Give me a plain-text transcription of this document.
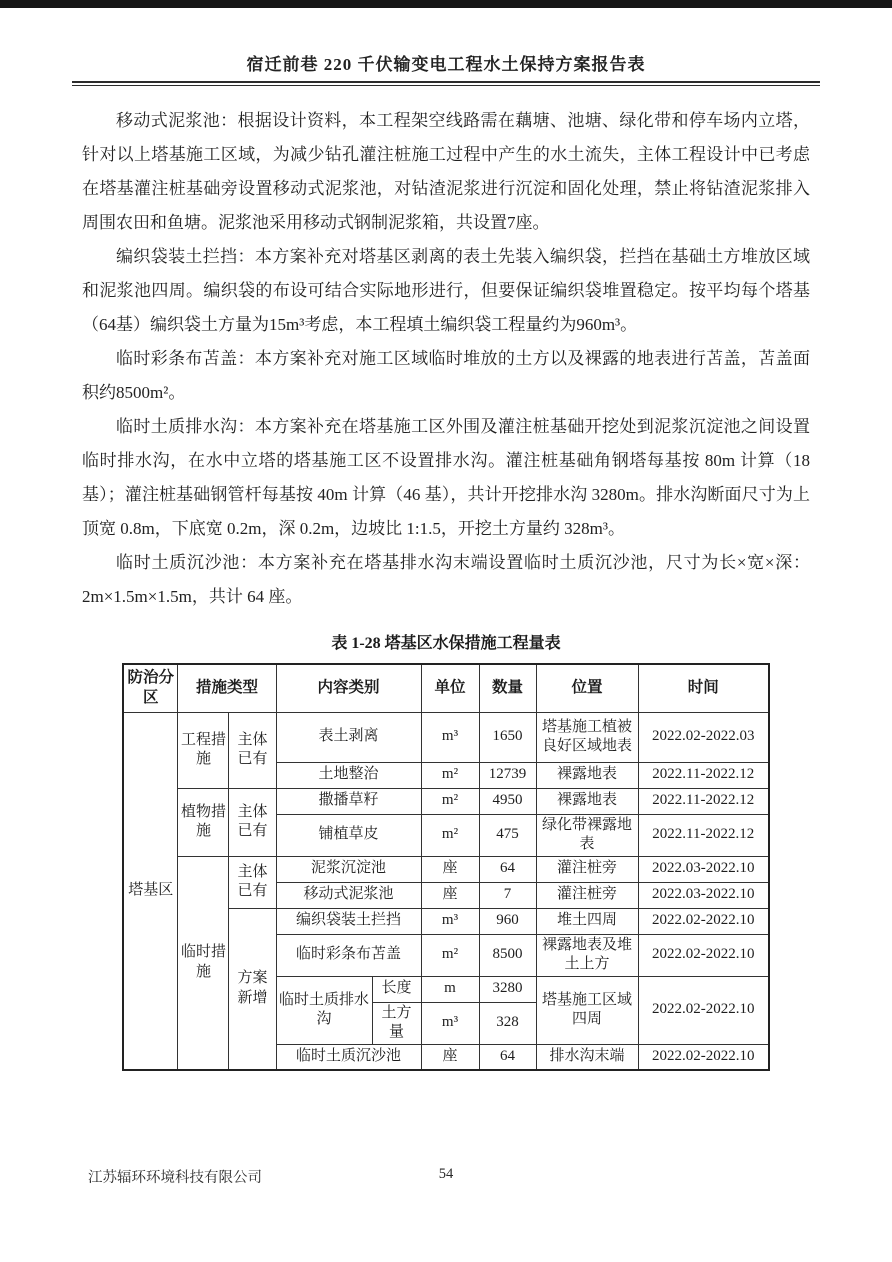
宿迁前巷 220 千伏输变电工程水土保持方案报告表

移动式泥浆池：根据设计资料，本工程架空线路需在藕塘、池塘、绿化带和停车场内立塔，针对以上塔基施工区域，为减少钻孔灌注桩施工过程中产生的水土流失，主体工程设计中已考虑在塔基灌注桩基础旁设置移动式泥浆池，对钻渣泥浆进行沉淀和固化处理，禁止将钻渣泥浆排入周围农田和鱼塘。泥浆池采用移动式钢制泥浆箱，共设置7座。

编织袋装土拦挡：本方案补充对塔基区剥离的表土先装入编织袋，拦挡在基础土方堆放区域和泥浆池四周。编织袋的布设可结合实际地形进行，但要保证编织袋堆置稳定。按平均每个塔基（64基）编织袋土方量为15m³考虑，本工程填土编织袋工程量约为960m³。

临时彩条布苫盖：本方案补充对施工区域临时堆放的土方以及裸露的地表进行苫盖，苫盖面积约8500m²。

临时土质排水沟：本方案补充在塔基施工区外围及灌注桩基础开挖处到泥浆沉淀池之间设置临时排水沟，在水中立塔的塔基施工区不设置排水沟。灌注桩基础角钢塔每基按 80m 计算（18 基）；灌注桩基础钢管杆每基按 40m 计算（46 基），共计开挖排水沟 3280m。排水沟断面尺寸为上顶宽 0.8m，下底宽 0.2m，深 0.2m，边坡比 1:1.5，开挖土方量约 328m³。

临时土质沉沙池：本方案补充在塔基排水沟末端设置临时土质沉沙池，尺寸为长×宽×深：2m×1.5m×1.5m，共计 64 座。

表 1-28 塔基区水保措施工程量表
防治分区	措施类型		内容类别		单位	数量	位置	时间
塔基区	工程措施	主体已有	表土剥离		m³	1650	塔基施工植被良好区域地表	2022.02-2022.03
			土地整治		m²	12739	裸露地表	2022.11-2022.12
	植物措施	主体已有	撒播草籽		m²	4950	裸露地表	2022.11-2022.12
			铺植草皮		m²	475	绿化带裸露地表	2022.11-2022.12
	临时措施	主体已有	泥浆沉淀池		座	64	灌注桩旁	2022.03-2022.10
			移动式泥浆池		座	7	灌注桩旁	2022.03-2022.10
		方案新增	编织袋装土拦挡		m³	960	堆土四周	2022.02-2022.10
			临时彩条布苫盖		m²	8500	裸露地表及堆土上方	2022.02-2022.10
			临时土质排水沟	长度	m	3280	塔基施工区域四周	2022.02-2022.10
				土方量	m³	328		
			临时土质沉沙池		座	64	排水沟末端	2022.02-2022.10
54
江苏辐环环境科技有限公司
